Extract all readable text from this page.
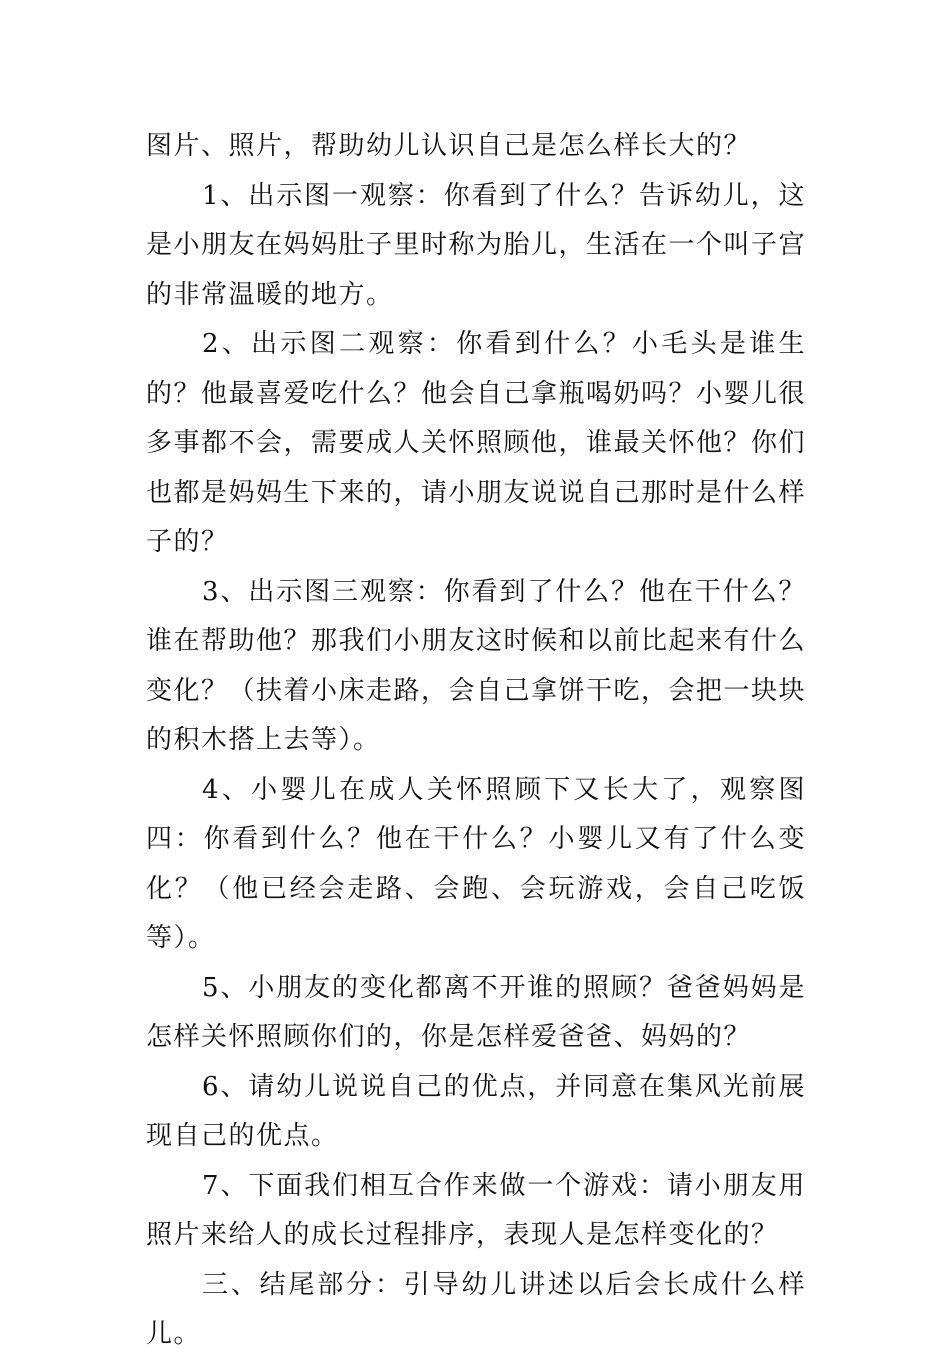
图片、照片，帮助幼儿认识自己是怎么样长大的？

1、出示图一观察：你看到了什么？告诉幼儿，这是小朋友在妈妈肚子里时称为胎儿，生活在一个叫子宫的非常温暖的地方。

2、出示图二观察：你看到什么？小毛头是谁生的？他最喜爱吃什么？他会自己拿瓶喝奶吗？小婴儿很多事都不会，需要成人关怀照顾他，谁最关怀他？你们也都是妈妈生下来的，请小朋友说说自己那时是什么样子的？

3、出示图三观察：你看到了什么？他在干什么？谁在帮助他？那我们小朋友这时候和以前比起来有什么变化？（扶着小床走路，会自己拿饼干吃，会把一块块的积木搭上去等）。

4、小婴儿在成人关怀照顾下又长大了，观察图四：你看到什么？他在干什么？小婴儿又有了什么变化？（他已经会走路、会跑、会玩游戏，会自己吃饭等）。

5、小朋友的变化都离不开谁的照顾？爸爸妈妈是怎样关怀照顾你们的，你是怎样爱爸爸、妈妈的？

6、请幼儿说说自己的优点，并同意在集风光前展现自己的优点。

7、下面我们相互合作来做一个游戏：请小朋友用照片来给人的成长过程排序，表现人是怎样变化的？

三、结尾部分：引导幼儿讲述以后会长成什么样儿。
